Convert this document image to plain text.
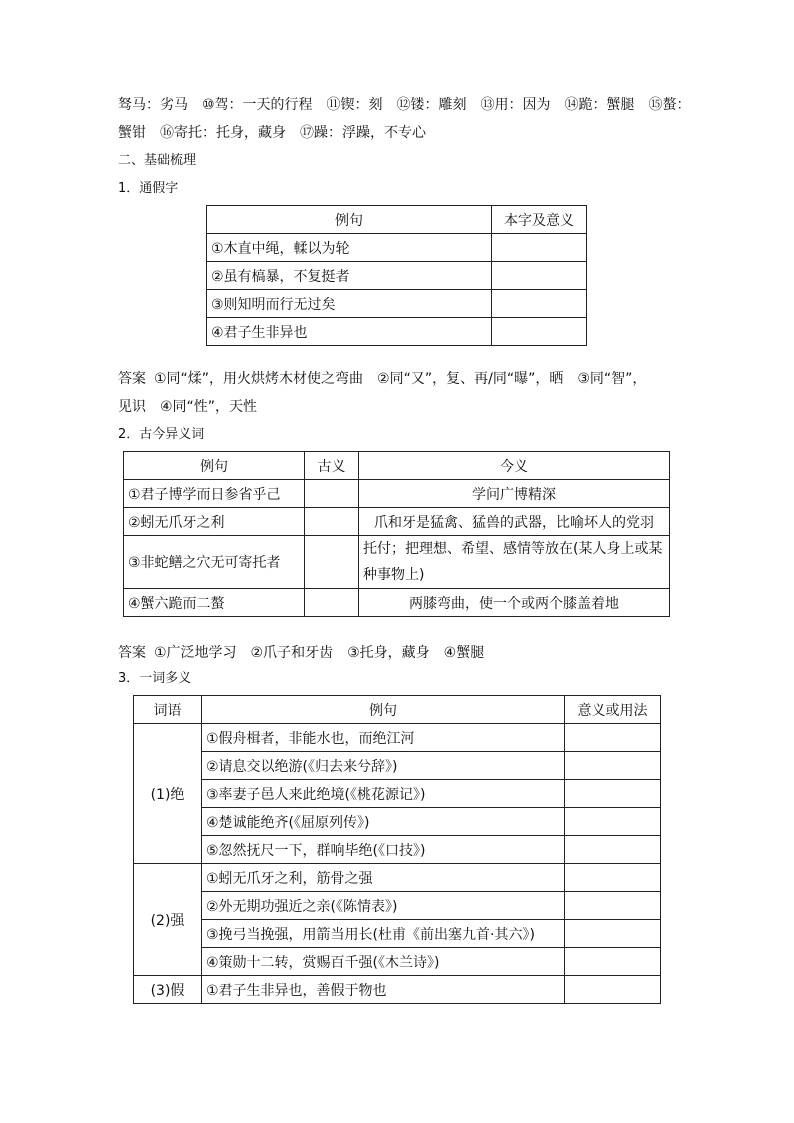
驽马：劣马　⑩驾：一天的行程　⑪锲：刻　⑫镂：雕刻　⑬用：因为　⑭跪：蟹腿　⑮螯：
蟹钳　⑯寄托：托身，藏身　⑰躁：浮躁，不专心
二、基础梳理
1．通假字
例句	本字及意义
①木直中绳，輮以为轮	
②虽有槁暴，不复挺者	
③则知明而行无过矣	
④君子生非异也	
答案 ①同“煣”，用火烘烤木材使之弯曲　②同“又”，复、再/同“曝”，晒　③同“智”，
见识　④同“性”，天性
2．古今异义词
例句	古义	今义
①君子博学而日参省乎己		学问广博精深
②蚓无爪牙之利		爪和牙是猛禽、猛兽的武器，比喻坏人的党羽
③非蛇鳝之穴无可寄托者		托付；把理想、希望、感情等放在(某人身上或某
种事物上)
④蟹六跪而二螯		两膝弯曲，使一个或两个膝盖着地
答案 ①广泛地学习　②爪子和牙齿　③托身，藏身　④蟹腿
3．一词多义
词语	例句	意义或用法
(1)绝	①假舟楫者，非能水也，而绝江河	
	②请息交以绝游(《归去来兮辞》)	
	③率妻子邑人来此绝境(《桃花源记》)	
	④楚诚能绝齐(《屈原列传》)	
	⑤忽然抚尺一下，群响毕绝(《口技》)	
(2)强	①蚓无爪牙之利，筋骨之强	
	②外无期功强近之亲(《陈情表》)	
	③挽弓当挽强，用箭当用长(杜甫《前出塞九首·其六》)	
	④策勋十二转，赏赐百千强(《木兰诗》)	
(3)假	①君子生非异也，善假于物也	
